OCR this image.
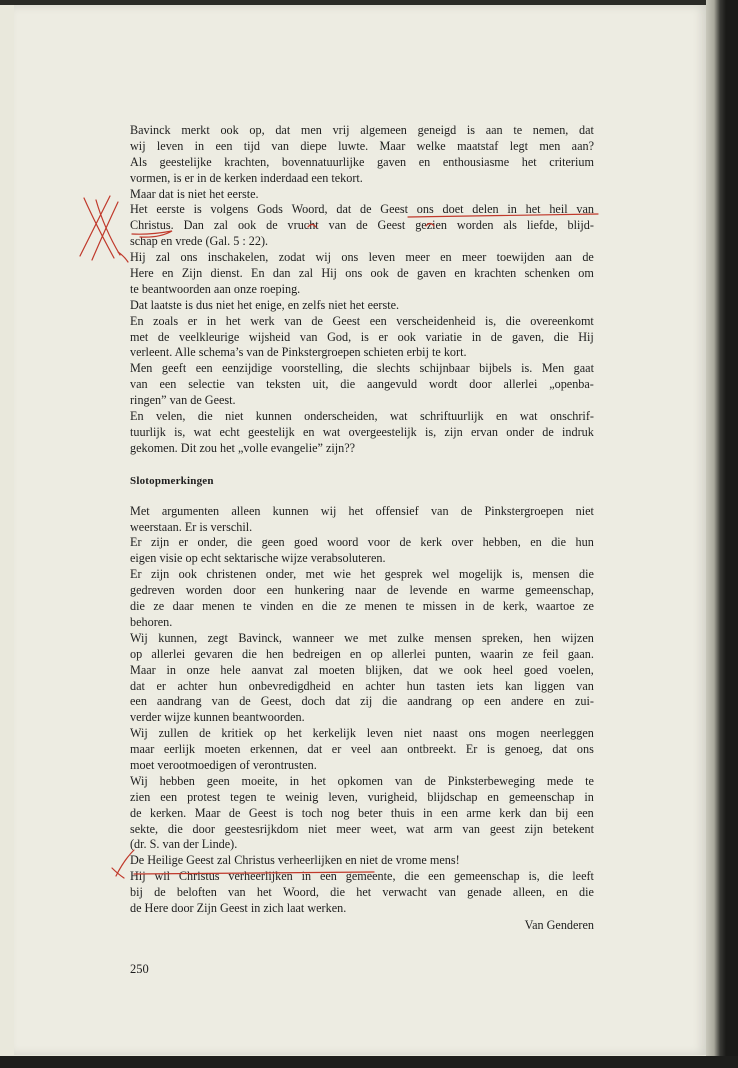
Bavinck merkt ook op, dat men vrij algemeen geneigd is aan te nemen, dat
wij leven in een tijd van diepe luwte. Maar welke maatstaf legt men aan?
Als geestelijke krachten, bovennatuurlijke gaven en enthousiasme het criterium
vormen, is er in de kerken inderdaad een tekort.
Maar dat is niet het eerste.
Het eerste is volgens Gods Woord, dat de Geest ons doet delen in het heil van
Christus. Dan zal ook de vrucht van de Geest gezien worden als liefde, blijd-
schap en vrede (Gal. 5 : 22).
Hij zal ons inschakelen, zodat wij ons leven meer en meer toewijden aan de
Here en Zijn dienst. En dan zal Hij ons ook de gaven en krachten schenken om
te beantwoorden aan onze roeping.
Dat laatste is dus niet het enige, en zelfs niet het eerste.
En zoals er in het werk van de Geest een verscheidenheid is, die overeenkomt
met de veelkleurige wijsheid van God, is er ook variatie in de gaven, die Hij
verleent. Alle schema’s van de Pinkstergroepen schieten erbij te kort.
Men geeft een eenzijdige voorstelling, die slechts schijnbaar bijbels is. Men gaat
van een selectie van teksten uit, die aangevuld wordt door allerlei „openba-
ringen” van de Geest.
En velen, die niet kunnen onderscheiden, wat schriftuurlijk en wat onschrif-
tuurlijk is, wat echt geestelijk en wat overgeestelijk is, zijn ervan onder de indruk
gekomen. Dit zou het „volle evangelie” zijn??
Slotopmerkingen
Met argumenten alleen kunnen wij het offensief van de Pinkstergroepen niet
weerstaan. Er is verschil.
Er zijn er onder, die geen goed woord voor de kerk over hebben, en die hun
eigen visie op echt sektarische wijze verabsoluteren.
Er zijn ook christenen onder, met wie het gesprek wel mogelijk is, mensen die
gedreven worden door een hunkering naar de levende en warme gemeenschap,
die ze daar menen te vinden en die ze menen te missen in de kerk, waartoe ze
behoren.
Wij kunnen, zegt Bavinck, wanneer we met zulke mensen spreken, hen wijzen
op allerlei gevaren die hen bedreigen en op allerlei punten, waarin ze feil gaan.
Maar in onze hele aanvat zal moeten blijken, dat we ook heel goed voelen,
dat er achter hun onbevredigdheid en achter hun tasten iets kan liggen van
een aandrang van de Geest, doch dat zij die aandrang op een andere en zui-
verder wijze kunnen beantwoorden.
Wij zullen de kritiek op het kerkelijk leven niet naast ons mogen neerleggen
maar eerlijk moeten erkennen, dat er veel aan ontbreekt. Er is genoeg, dat ons
moet verootmoedigen of verontrusten.
Wij hebben geen moeite, in het opkomen van de Pinksterbeweging mede te
zien een protest tegen te weinig leven, vurigheid, blijdschap en gemeenschap in
de kerken. Maar de Geest is toch nog beter thuis in een arme kerk dan bij een
sekte, die door geestesrijkdom niet meer weet, wat arm van geest zijn betekent
(dr. S. van der Linde).
De Heilige Geest zal Christus verheerlijken en niet de vrome mens!
Hij wil Christus verheerlijken in een gemeente, die een gemeenschap is, die leeft
bij de beloften van het Woord, die het verwacht van genade alleen, en die
de Here door Zijn Geest in zich laat werken.
Van Genderen
250
